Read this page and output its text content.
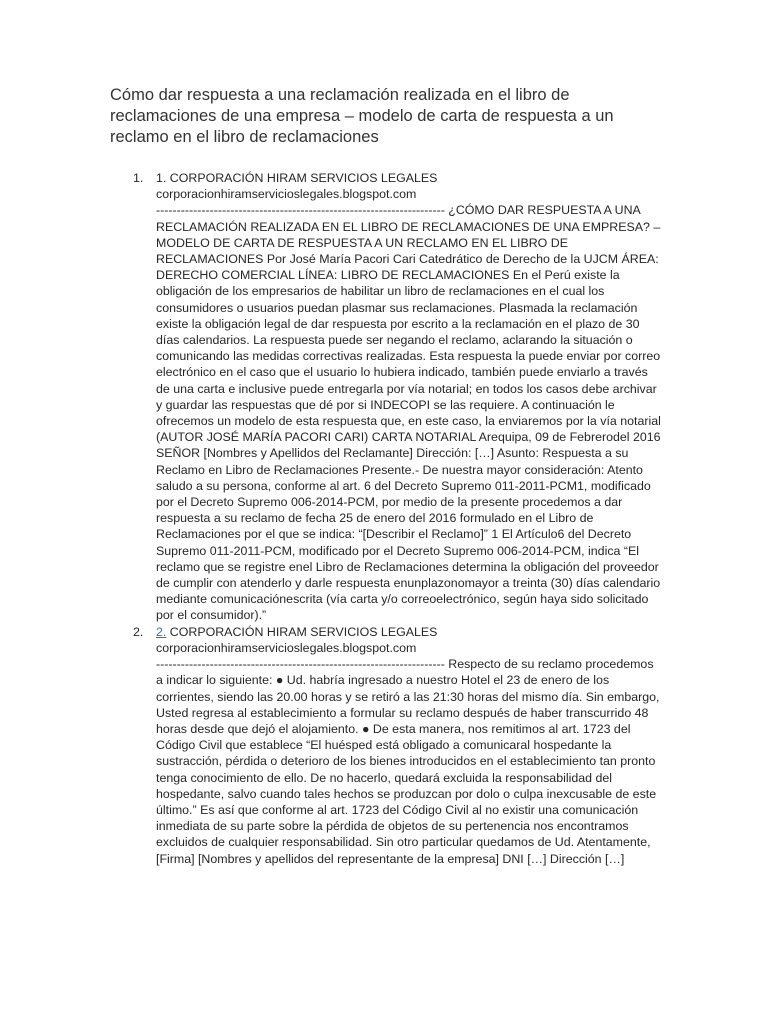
Cómo dar respuesta a una reclamación realizada en el libro de reclamaciones de una empresa – modelo de carta de respuesta a un reclamo en el libro de reclamaciones
1. 1. CORPORACIÓN HIRAM SERVICIOS LEGALES
corporacionhiramservicioslegales.blogspot.com
---------------------------------------------------------------------- ¿CÓMO DAR RESPUESTA A UNA RECLAMACIÓN REALIZADA EN EL LIBRO DE RECLAMACIONES DE UNA EMPRESA? – MODELO DE CARTA DE RESPUESTA A UN RECLAMO EN EL LIBRO DE RECLAMACIONES Por José María Pacori Cari Catedrático de Derecho de la UJCM ÁREA: DERECHO COMERCIAL LÍNEA: LIBRO DE RECLAMACIONES En el Perú existe la obligación de los empresarios de habilitar un libro de reclamaciones en el cual los consumidores o usuarios puedan plasmar sus reclamaciones. Plasmada la reclamación existe la obligación legal de dar respuesta por escrito a la reclamación en el plazo de 30 días calendarios. La respuesta puede ser negando el reclamo, aclarando la situación o comunicando las medidas correctivas realizadas. Esta respuesta la puede enviar por correo electrónico en el caso que el usuario lo hubiera indicado, también puede enviarlo a través de una carta e inclusive puede entregarla por vía notarial; en todos los casos debe archivar y guardar las respuestas que dé por si INDECOPI se las requiere. A continuación le ofrecemos un modelo de esta respuesta que, en este caso, la enviaremos por la vía notarial (AUTOR JOSÉ MARÍA PACORI CARI) CARTA NOTARIAL Arequipa, 09 de Febrerodel 2016 SEÑOR [Nombres y Apellidos del Reclamante] Dirección: […] Asunto: Respuesta a su Reclamo en Libro de Reclamaciones Presente.- De nuestra mayor consideración: Atento saludo a su persona, conforme al art. 6 del Decreto Supremo 011-2011-PCM1, modificado por el Decreto Supremo 006-2014-PCM, por medio de la presente procedemos a dar respuesta a su reclamo de fecha 25 de enero del 2016 formulado en el Libro de Reclamaciones por el que se indica: “[Describir el Reclamo]” 1 El Artículo6 del Decreto Supremo 011-2011-PCM, modificado por el Decreto Supremo 006-2014-PCM, indica “El reclamo que se registre enel Libro de Reclamaciones determina la obligación del proveedor de cumplir con atenderlo y darle respuesta enunplazonomayor a treinta (30) días calendario mediante comunicaciónescrita (vía carta y/o correoelectrónico, según haya sido solicitado por el consumidor).”
2. 2. CORPORACIÓN HIRAM SERVICIOS LEGALES
corporacionhiramservicioslegales.blogspot.com
---------------------------------------------------------------------- Respecto de su reclamo procedemos a indicar lo siguiente: ● Ud. habría ingresado a nuestro Hotel el 23 de enero de los corrientes, siendo las 20.00 horas y se retiró a las 21:30 horas del mismo día. Sin embargo, Usted regresa al establecimiento a formular su reclamo después de haber transcurrido 48 horas desde que dejó el alojamiento. ● De esta manera, nos remitimos al art. 1723 del Código Civil que establece “El huésped está obligado a comunicaral hospedante la sustracción, pérdida o deterioro de los bienes introducidos en el establecimiento tan pronto tenga conocimiento de ello. De no hacerlo, quedará excluida la responsabilidad del hospedante, salvo cuando tales hechos se produzcan por dolo o culpa inexcusable de este último.” Es así que conforme al art. 1723 del Código Civil al no existir una comunicación inmediata de su parte sobre la pérdida de objetos de su pertenencia nos encontramos excluidos de cualquier responsabilidad. Sin otro particular quedamos de Ud. Atentamente, [Firma] [Nombres y apellidos del representante de la empresa] DNI […] Dirección […]
